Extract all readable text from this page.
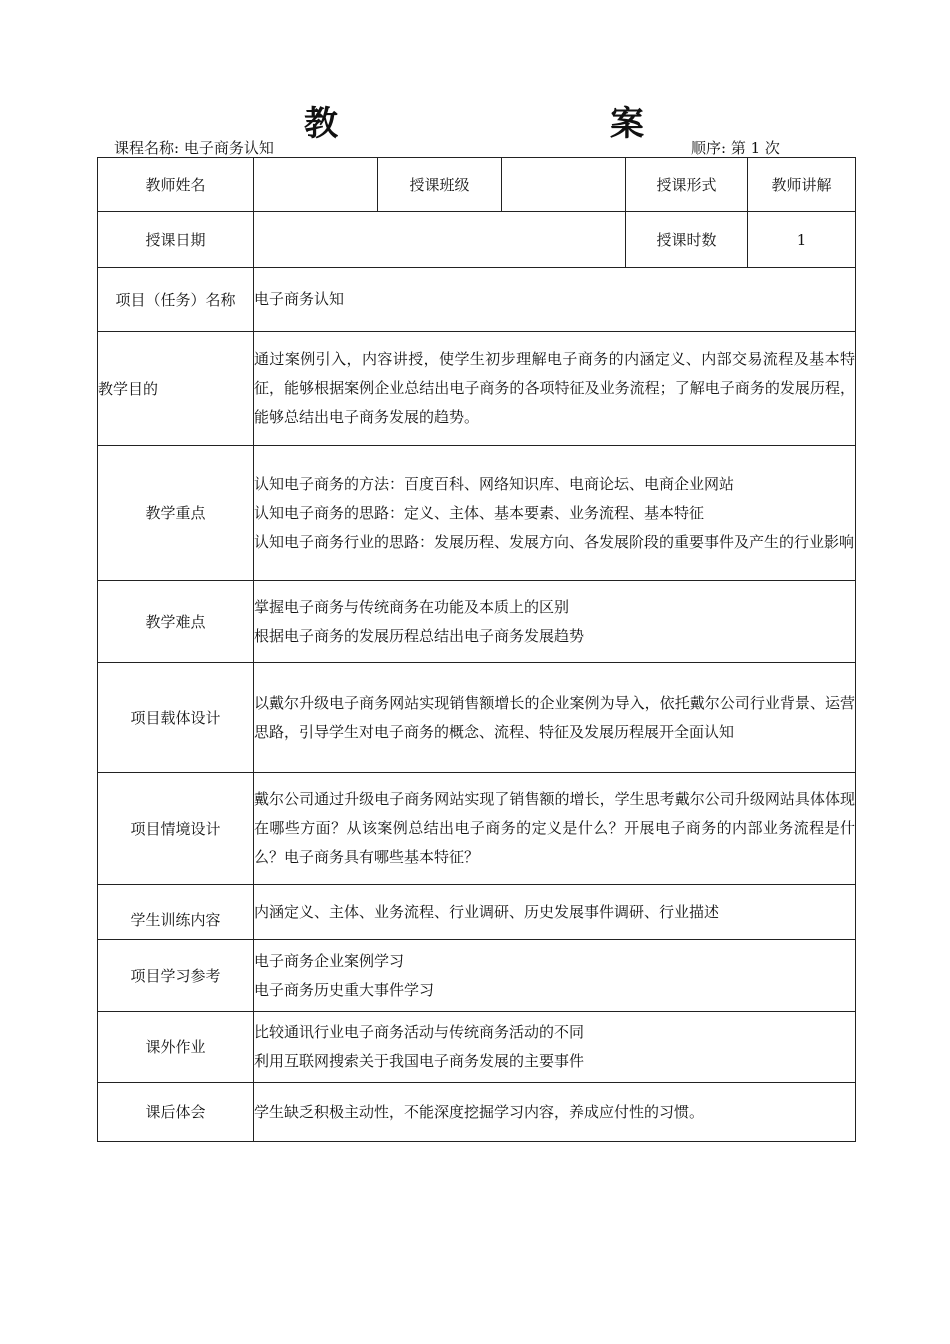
教	案
课程名称: 电子商务认知	顺序: 第 1 次
教师姓名		授课班级		授课形式	教师讲解
授课日期				授课时数	1
项目（任务）名称	电子商务认知				

教学目的	通过案例引入，内容讲授，使学生初步理解电子商务的内涵定义、内部交易流程及基本特征，能够根据案例企业总结出电子商务的各项特征及业务流程；了解电子商务的发展历程，能够总结出电子商务发展的趋势。				

教学重点	认知电子商务的方法：百度百科、网络知识库、电商论坛、电商企业网站
认知电子商务的思路：定义、主体、基本要素、业务流程、基本特征
认知电子商务行业的思路：发展历程、发展方向、各发展阶段的重要事件及产生的行业影响				

教学难点	掌握电子商务与传统商务在功能及本质上的区别
根据电子商务的发展历程总结出电子商务发展趋势				

项目载体设计	以戴尔升级电子商务网站实现销售额增长的企业案例为导入，依托戴尔公司行业背景、运营思路，引导学生对电子商务的概念、流程、特征及发展历程展开全面认知				

项目情境设计	戴尔公司通过升级电子商务网站实现了销售额的增长，学生思考戴尔公司升级网站具体体现在哪些方面？从该案例总结出电子商务的定义是什么？开展电子商务的内部业务流程是什么？电子商务具有哪些基本特征？				

学生训练内容	内涵定义、主体、业务流程、行业调研、历史发展事件调研、行业描述				

项目学习参考	电子商务企业案例学习
电子商务历史重大事件学习				

课外作业	比较通讯行业电子商务活动与传统商务活动的不同
利用互联网搜索关于我国电子商务发展的主要事件				

课后体会	学生缺乏积极主动性，不能深度挖掘学习内容，养成应付性的习惯。				
